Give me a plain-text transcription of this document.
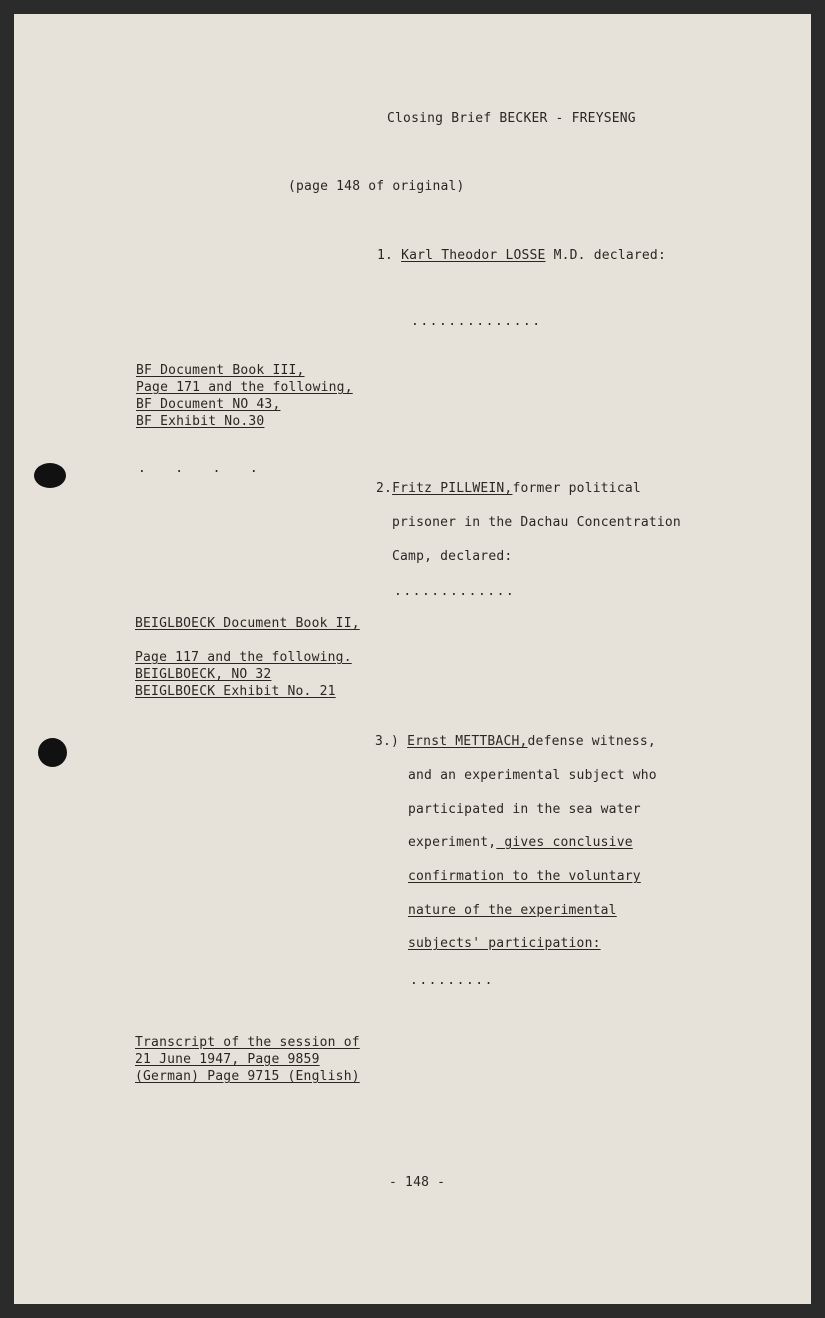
Closing Brief BECKER - FREYSENG
(page 148 of original)
1. Karl Theodor LOSSE M.D. declared:
..............
BF Document Book III,
Page 171 and the following,
BF Document NO 43,
BF Exhibit No.30
.   .   .   .
2.Fritz PILLWEIN,former political
prisoner in the Dachau Concentration
Camp, declared:
.............
BEIGLBOECK Document Book II,
Page 117 and the following.
BEIGLBOECK, NO 32
BEIGLBOECK Exhibit No. 21
3.) Ernst METTBACH,defense witness,
and an experimental subject who
participated in the sea water
experiment, gives conclusive
confirmation to the voluntary
nature of the experimental
subjects' participation:
.........
Transcript of the session of
21 June 1947, Page 9859
(German) Page 9715 (English)
- 148 -
